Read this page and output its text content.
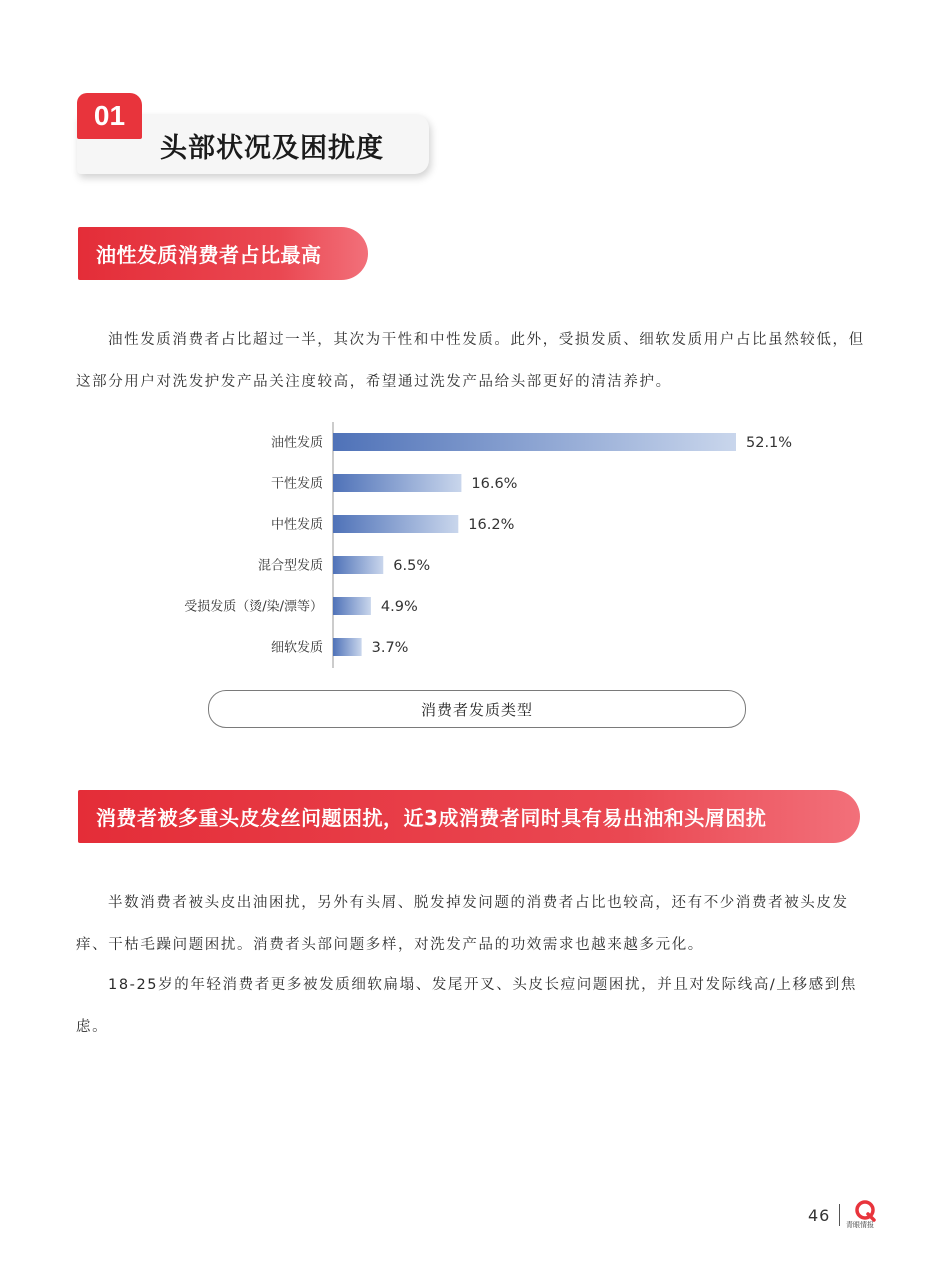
01
头部状况及困扰度
油性发质消费者占比最高

油性发质消费者占比超过一半，其次为干性和中性发质。此外，受损发质、细软发质用户占比虽然较低，但这部分用户对洗发护发产品关注度较高，希望通过洗发产品给头部更好的清洁养护。

油性发质	52.1%
干性发质	16.6%
中性发质	16.2%
混合型发质	6.5%
受损发质（烫/染/漂等）	4.9%
细软发质	3.7%
消费者发质类型
消费者被多重头皮发丝问题困扰，近3成消费者同时具有易出油和头屑困扰

半数消费者被头皮出油困扰，另外有头屑、脱发掉发问题的消费者占比也较高，还有不少消费者被头皮发痒、干枯毛躁问题困扰。消费者头部问题多样，对洗发产品的功效需求也越来越多元化。

18-25岁的年轻消费者更多被发质细软扁塌、发尾开叉、头皮长痘问题困扰，并且对发际线高/上移感到焦虑。

46 青眼情报
